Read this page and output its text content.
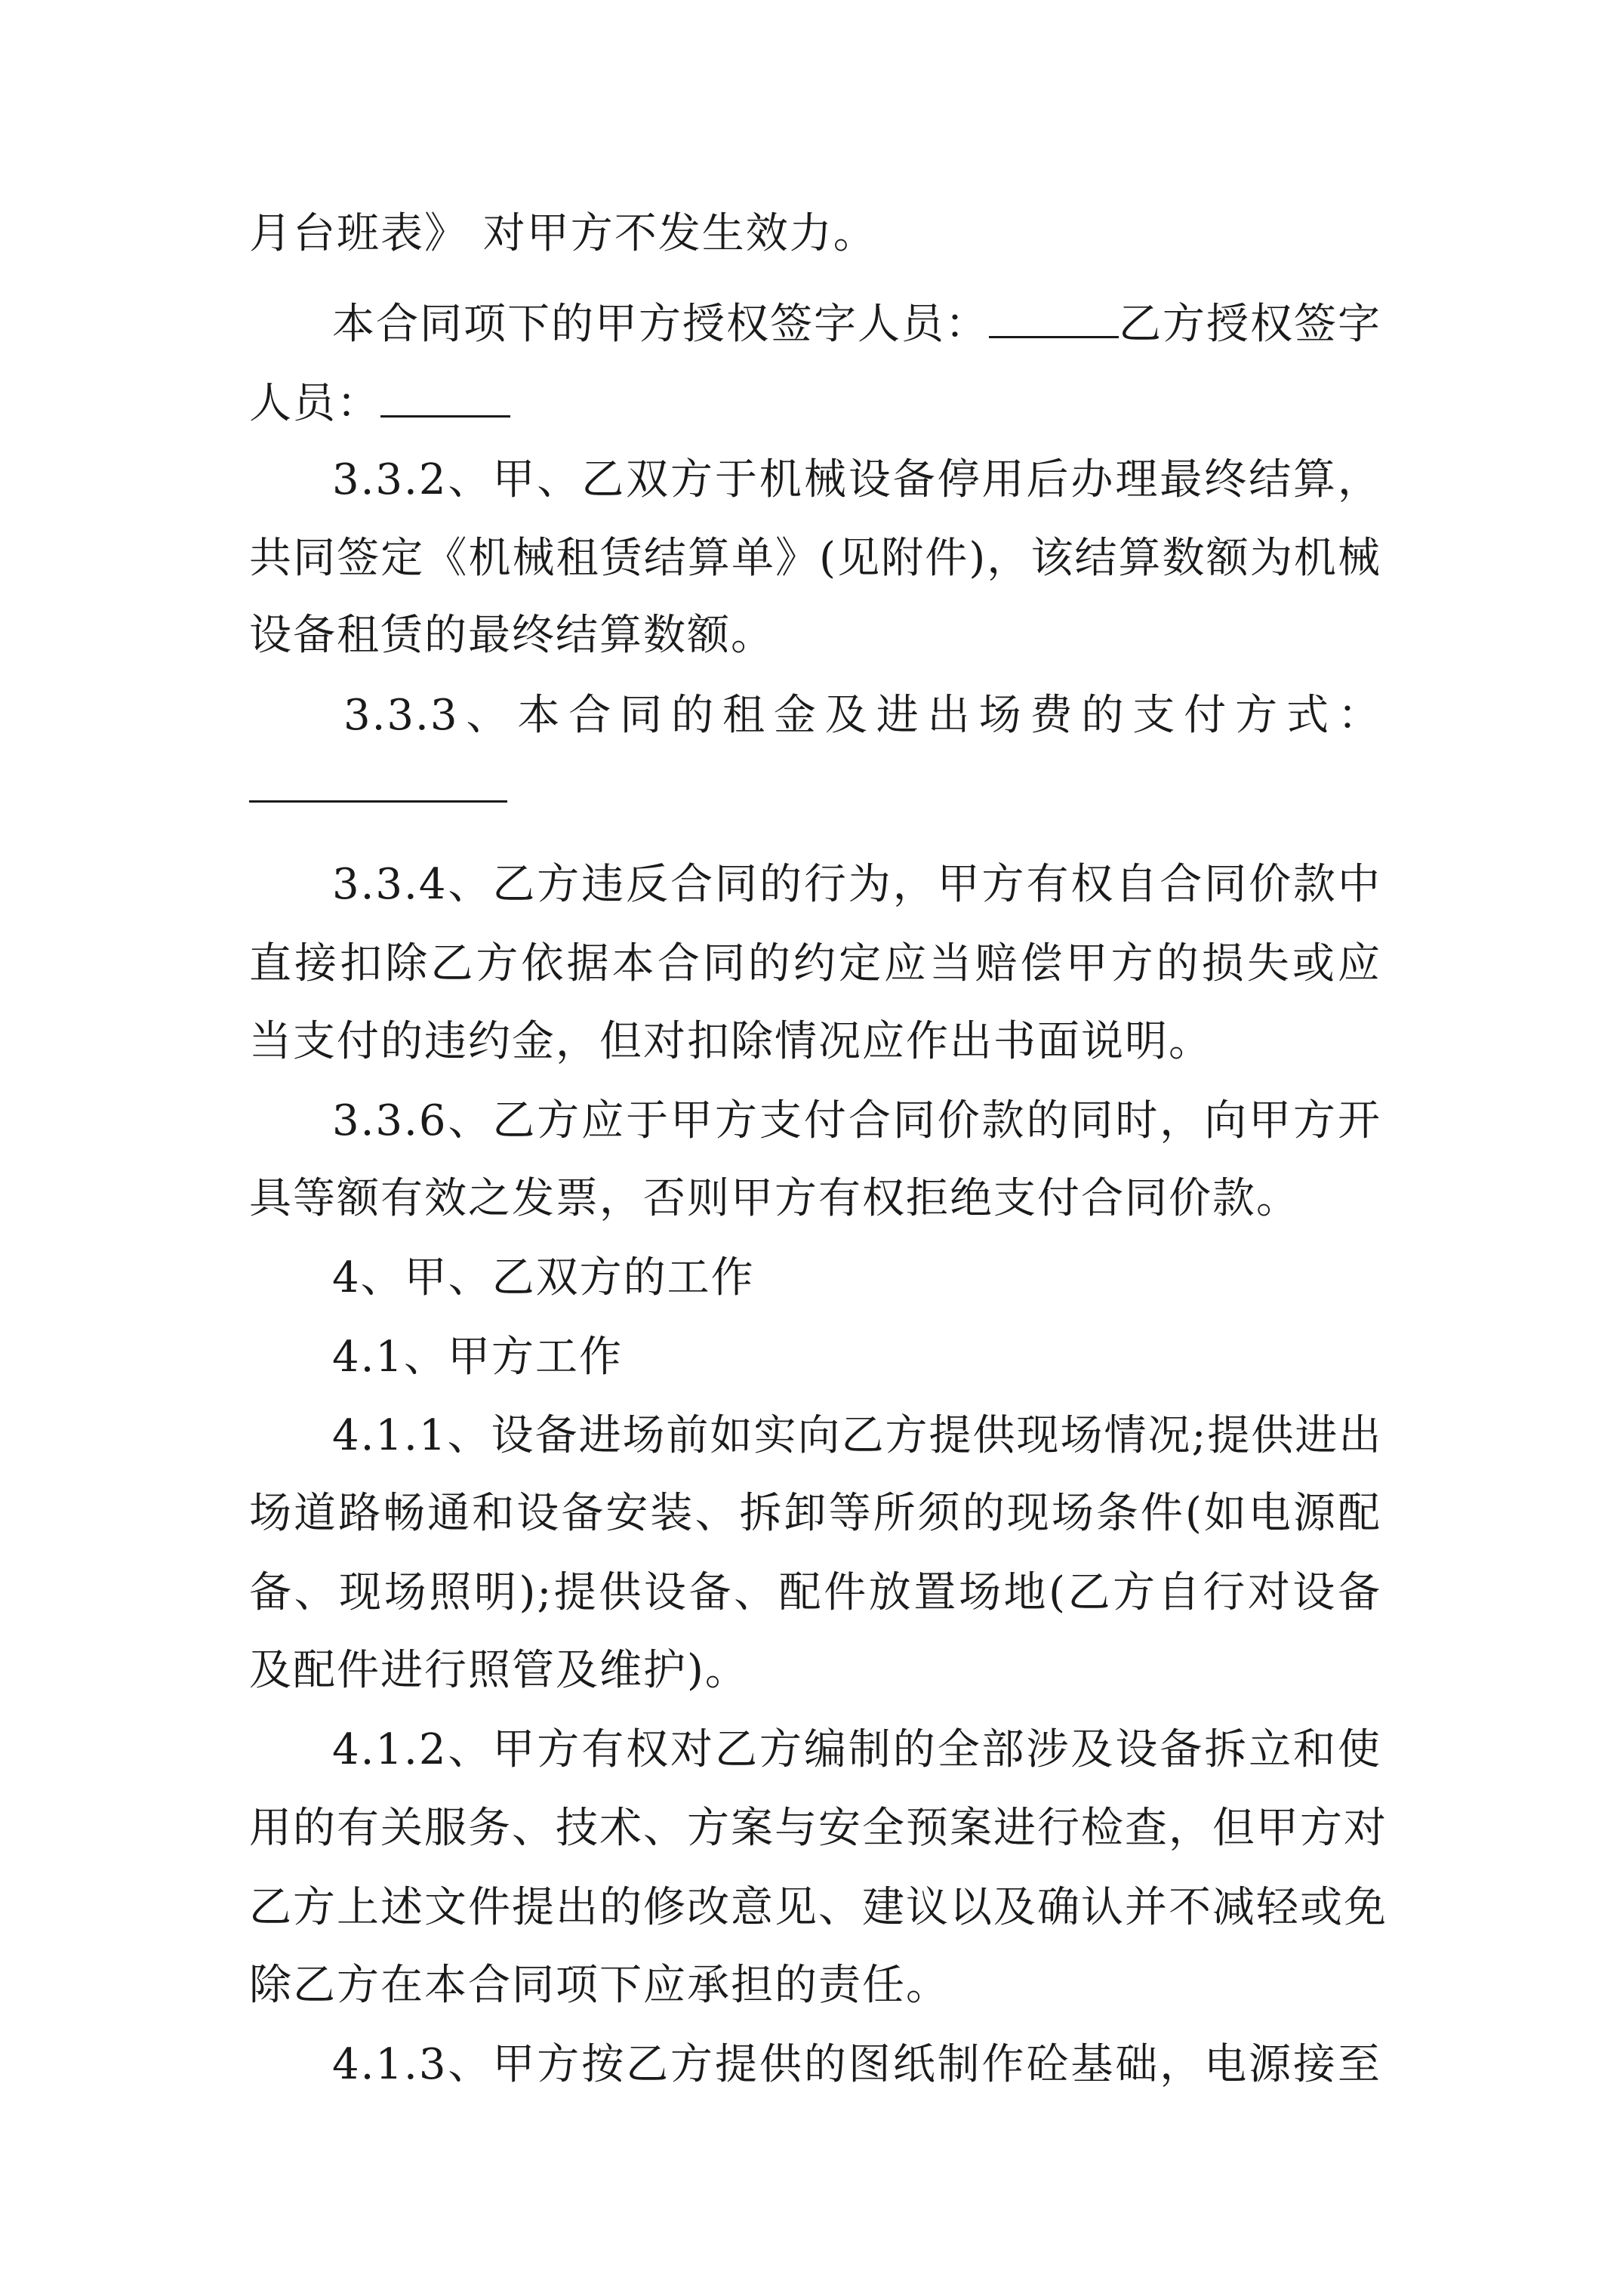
月台班表》 对甲方不发生效力。
本合同项下的甲方授权签字人员：	乙方授权签字
人员：
3.3.2、甲、乙双方于机械设备停用后办理最终结算，
共同签定《机械租赁结算单》(见附件)，该结算数额为机械
设备租赁的最终结算数额。
3.3.3、本合同的租金及进出场费的支付方式：
3.3.4、乙方违反合同的行为，甲方有权自合同价款中
直接扣除乙方依据本合同的约定应当赔偿甲方的损失或应
当支付的违约金，但对扣除情况应作出书面说明。
3.3.6、乙方应于甲方支付合同价款的同时，向甲方开
具等额有效之发票，否则甲方有权拒绝支付合同价款。
4、甲、乙双方的工作
4.1、甲方工作
4.1.1、设备进场前如实向乙方提供现场情况;提供进出
场道路畅通和设备安装、拆卸等所须的现场条件(如电源配
备、现场照明);提供设备、配件放置场地(乙方自行对设备
及配件进行照管及维护)。
4.1.2、甲方有权对乙方编制的全部涉及设备拆立和使
用的有关服务、技术、方案与安全预案进行检查，但甲方对
乙方上述文件提出的修改意见、建议以及确认并不减轻或免
除乙方在本合同项下应承担的责任。
4.1.3、甲方按乙方提供的图纸制作砼基础，电源接至
